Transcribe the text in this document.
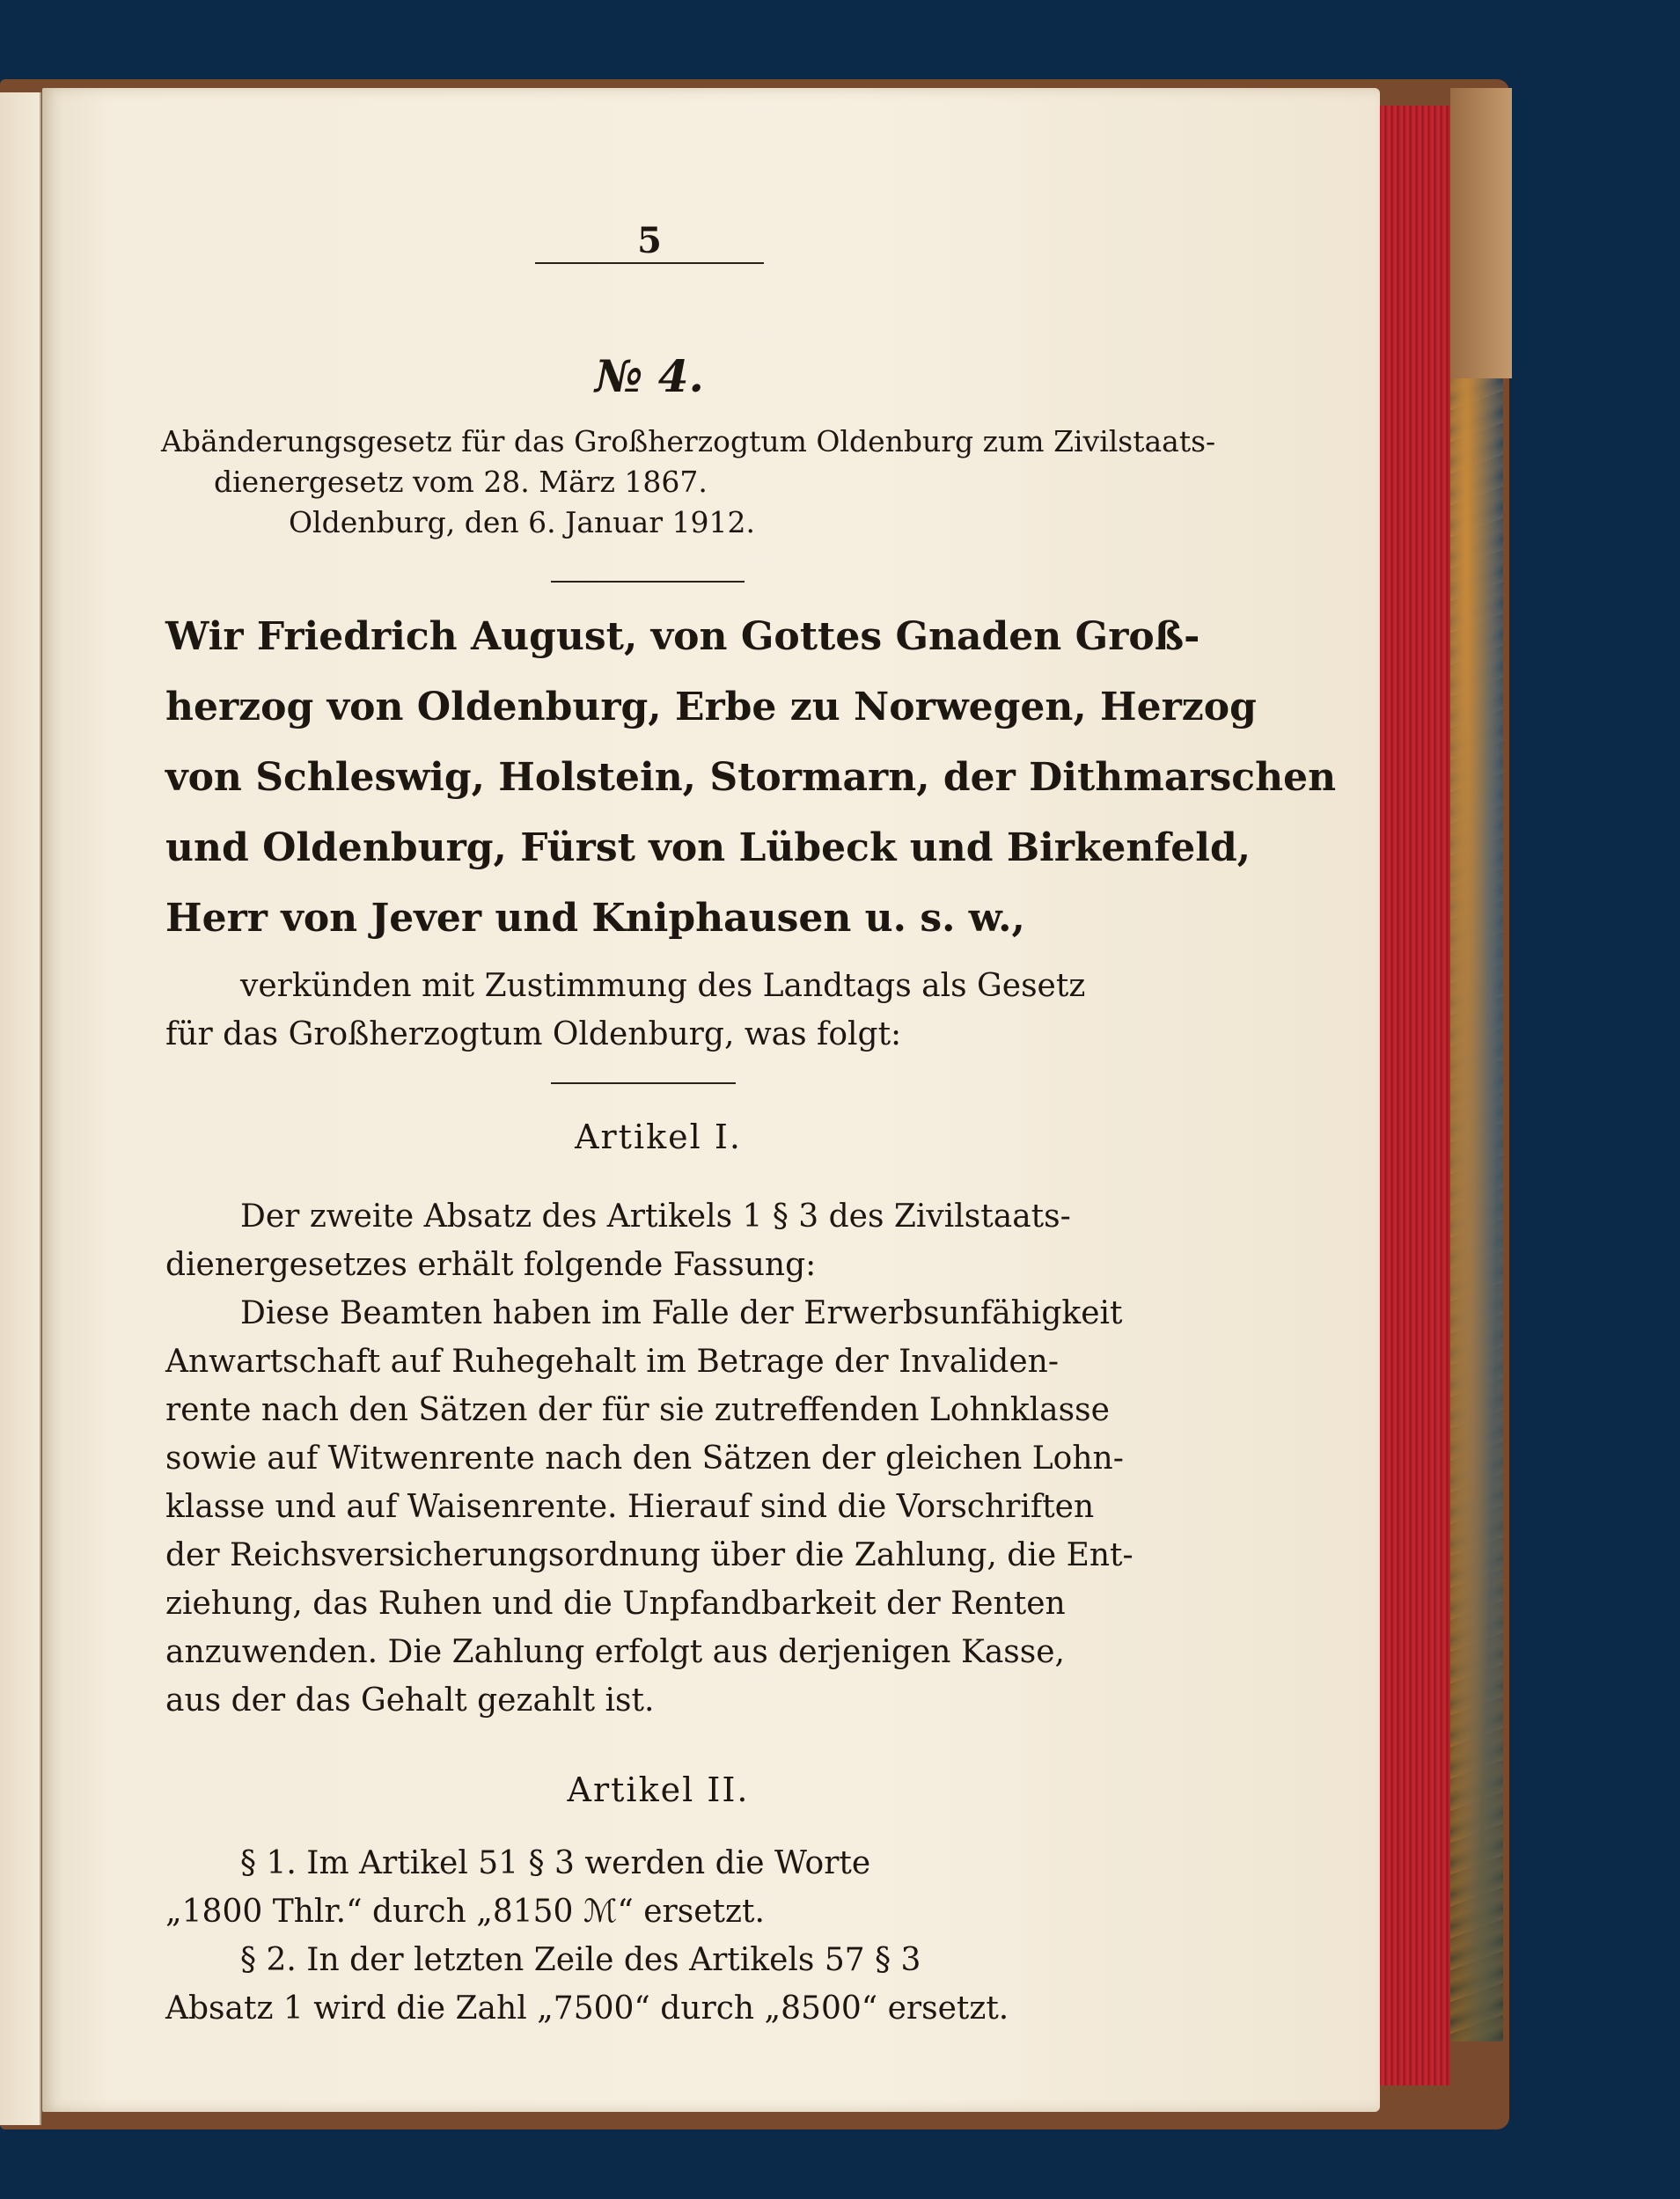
5
№ 4.
Abänderungsgesetz für das Großherzogtum Oldenburg zum Zivilstaats-
dienergesetz vom 28. März 1867.
Oldenburg, den 6. Januar 1912.
Wir Friedrich August, von Gottes Gnaden Groß-
herzog von Oldenburg, Erbe zu Norwegen, Herzog
von Schleswig, Holstein, Stormarn, der Dithmarschen
und Oldenburg, Fürst von Lübeck und Birkenfeld,
Herr von Jever und Kniphausen u. s. w.,
verkünden mit Zustimmung des Landtags als Gesetz
für das Großherzogtum Oldenburg, was folgt:
Artikel I.
Der zweite Absatz des Artikels 1 § 3 des Zivilstaats-
dienergesetzes erhält folgende Fassung:
Diese Beamten haben im Falle der Erwerbsunfähigkeit
Anwartschaft auf Ruhegehalt im Betrage der Invaliden-
rente nach den Sätzen der für sie zutreffenden Lohnklasse
sowie auf Witwenrente nach den Sätzen der gleichen Lohn-
klasse und auf Waisenrente. Hierauf sind die Vorschriften
der Reichsversicherungsordnung über die Zahlung, die Ent-
ziehung, das Ruhen und die Unpfandbarkeit der Renten
anzuwenden. Die Zahlung erfolgt aus derjenigen Kasse,
aus der das Gehalt gezahlt ist.
Artikel II.
§ 1. Im Artikel 51 § 3 werden die Worte
„1800 Thlr.“ durch „8150 ℳ“ ersetzt.
§ 2. In der letzten Zeile des Artikels 57 § 3
Absatz 1 wird die Zahl „7500“ durch „8500“ ersetzt.
